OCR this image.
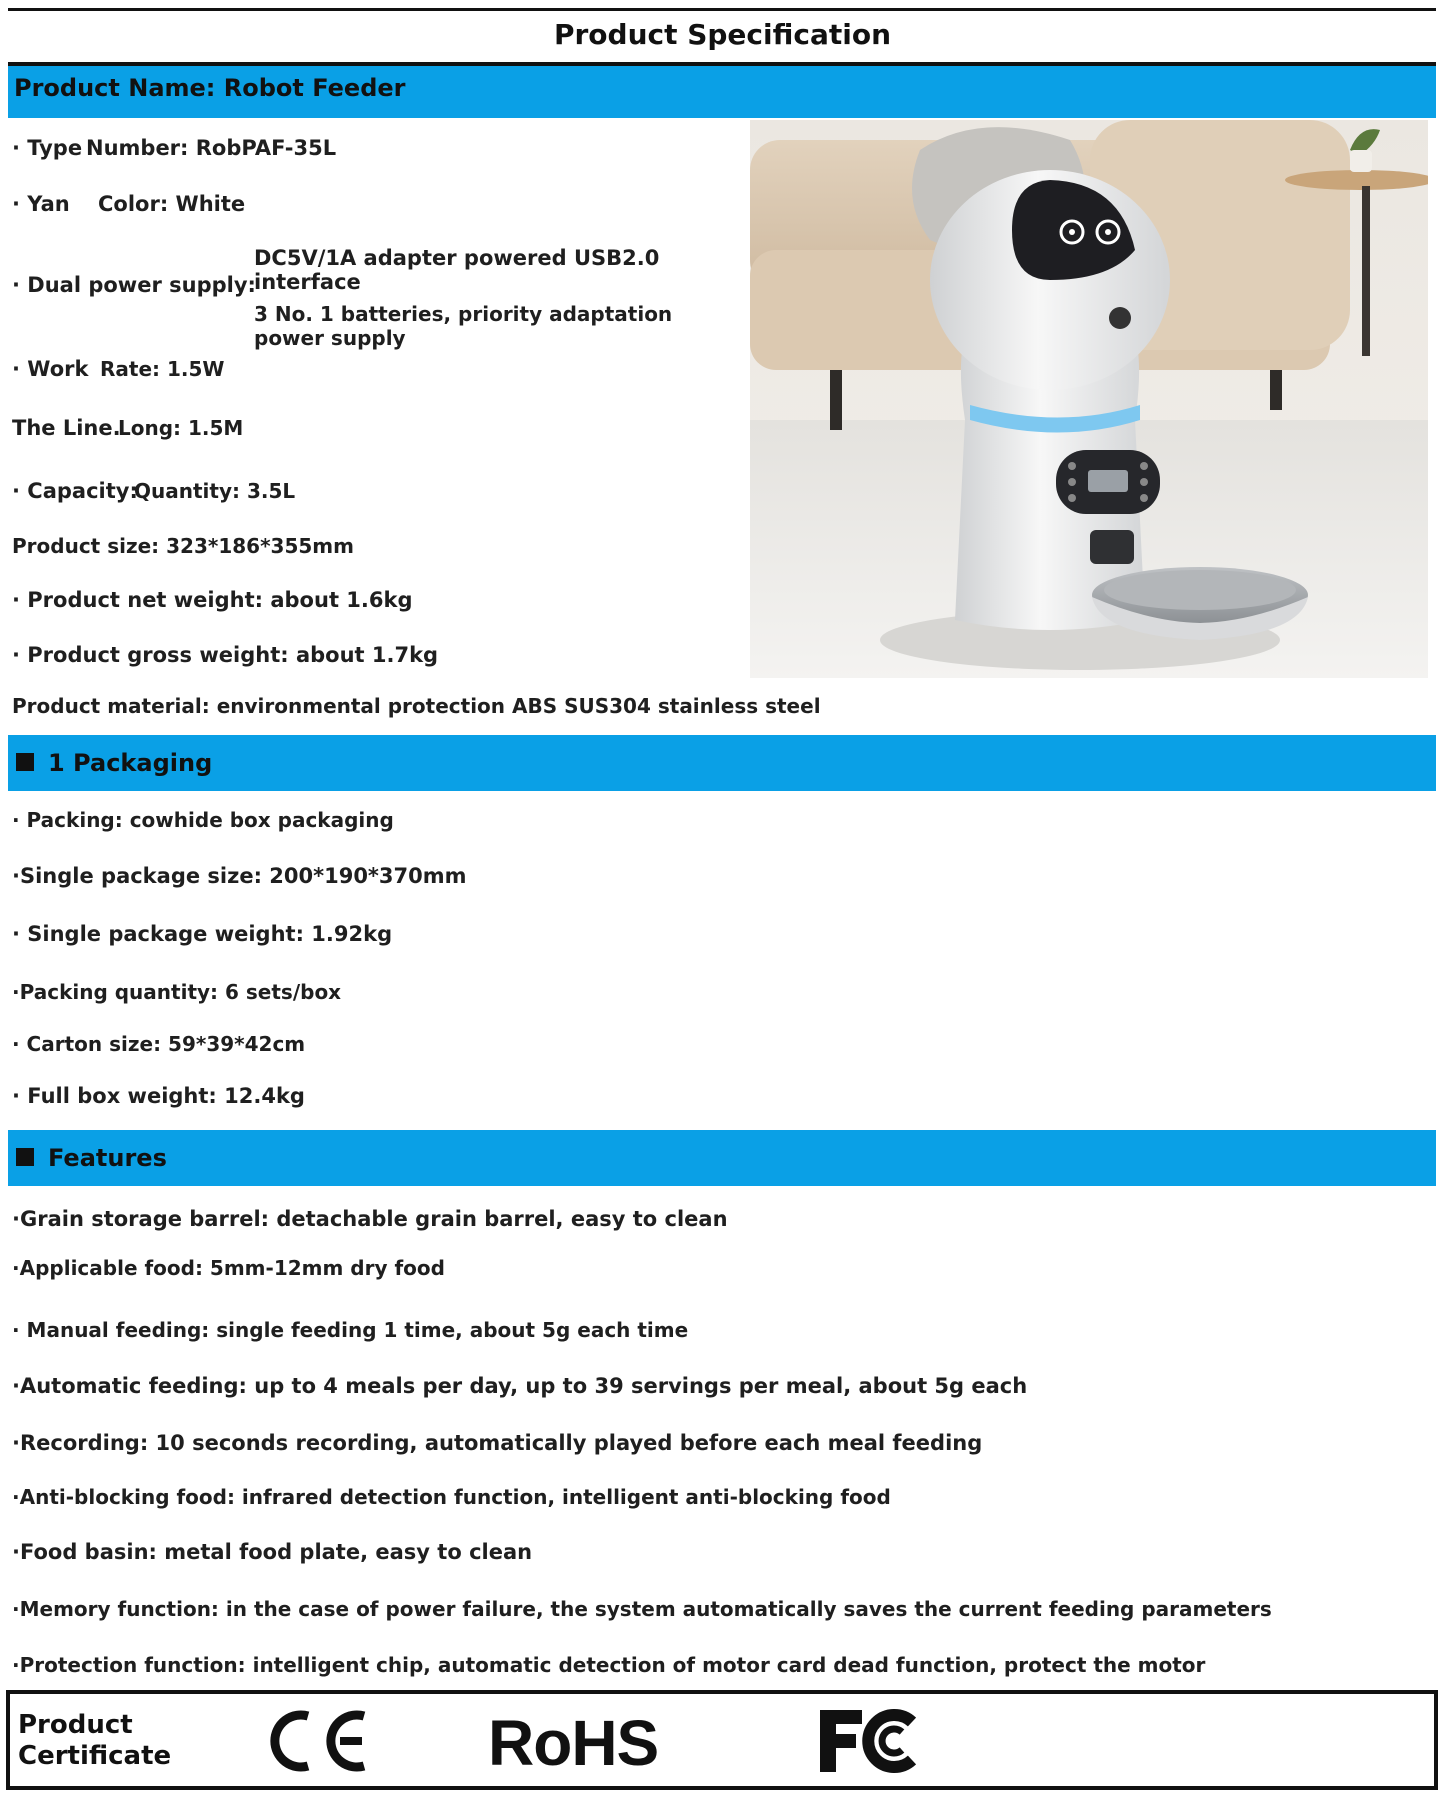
Product Specification
Product Name: Robot Feeder
· Type Number: RobPAF-35L
· Yan Color: White
· Dual power supply:
DC5V/1A adapter powered USB2.0
interface
3 No. 1 batteries, priority adaptation
power supply
· Work Rate: 1.5W
The Line.Long: 1.5M
· Capacity:Quantity: 3.5L
Product size: 323*186*355mm
· Product net weight: about 1.6kg
· Product gross weight: about 1.7kg
Product material: environmental protection ABS SUS304 stainless steel
1 Packaging
· Packing: cowhide box packaging
·Single package size: 200*190*370mm
· Single package weight: 1.92kg
·Packing quantity: 6 sets/box
· Carton size: 59*39*42cm
· Full box weight: 12.4kg
Features
·Grain storage barrel: detachable grain barrel, easy to clean
·Applicable food: 5mm-12mm dry food
· Manual feeding: single feeding 1 time, about 5g each time
·Automatic feeding: up to 4 meals per day, up to 39 servings per meal, about 5g each
·Recording: 10 seconds recording, automatically played before each meal feeding
·Anti-blocking food: infrared detection function, intelligent anti-blocking food
·Food basin: metal food plate, easy to clean
·Memory function: in the case of power failure, the system automatically saves the current feeding parameters
·Protection function: intelligent chip, automatic detection of motor card dead function, protect the motor
Product
Certificate	RoHS
